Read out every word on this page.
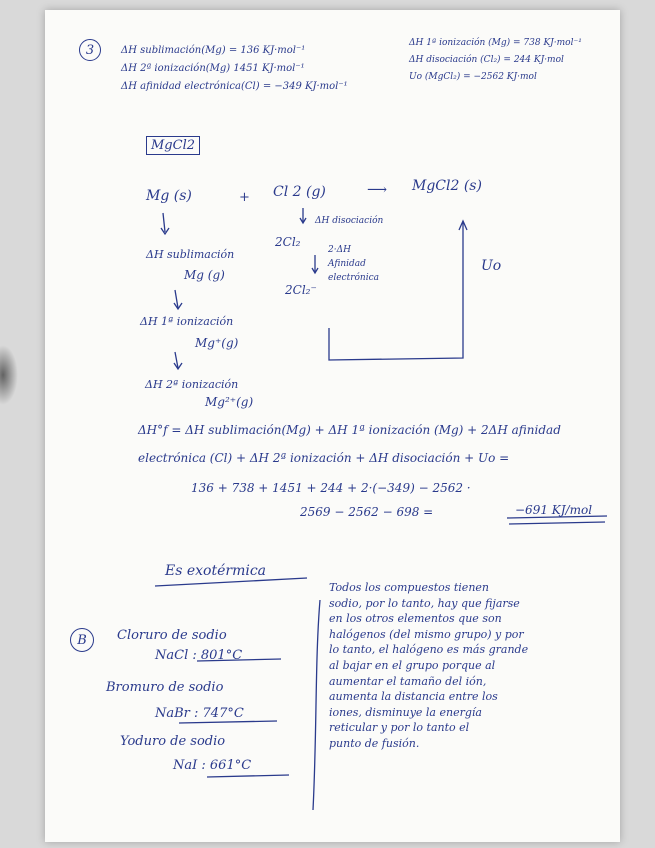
3	ΔH sublimación(Mg) = 136 KJ·mol⁻¹
ΔH 2ª ionización(Mg) 1451 KJ·mol⁻¹
ΔH afinidad electrónica(Cl) = −349 KJ·mol⁻¹
ΔH 1ª ionización (Mg) = 738 KJ·mol⁻¹
ΔH disociación (Cl₂) = 244 KJ·mol
Uo (MgCl₂) = −2562 KJ·mol
MgCl2
Mg (s)	+ Cl 2 (g)	⟶ MgCl2 (s)
ΔH disociación
2Cl₂
2·ΔH
Afinidad
electrónica
2Cl₂⁻
Uo
ΔH sublimación
Mg (g)
ΔH 1ª ionización
Mg⁺(g)
ΔH 2ª ionización
Mg²⁺(g)
ΔH°f = ΔH sublimación(Mg) + ΔH 1ª ionización (Mg) + 2ΔH afinidad
electrónica (Cl) + ΔH 2ª ionización + ΔH disociación + Uo =
136 + 738 + 1451 + 244 + 2·(−349) − 2562 ·
2569 − 2562 − 698 =	−691 KJ/mol
Es exotérmica
B	Cloruro de sodio
NaCl : 801°C
Bromuro de sodio
NaBr : 747°C
Yoduro de sodio
NaI : 661°C
Todos los compuestos tienen
sodio, por lo tanto, hay que fijarse
en los otros elementos que son
halógenos (del mismo grupo) y por
lo tanto, el halógeno es más grande
al bajar en el grupo porque al
aumentar el tamaño del ión,
aumenta la distancia entre los
iones, disminuye la energía
reticular y por lo tanto el
punto de fusión.
